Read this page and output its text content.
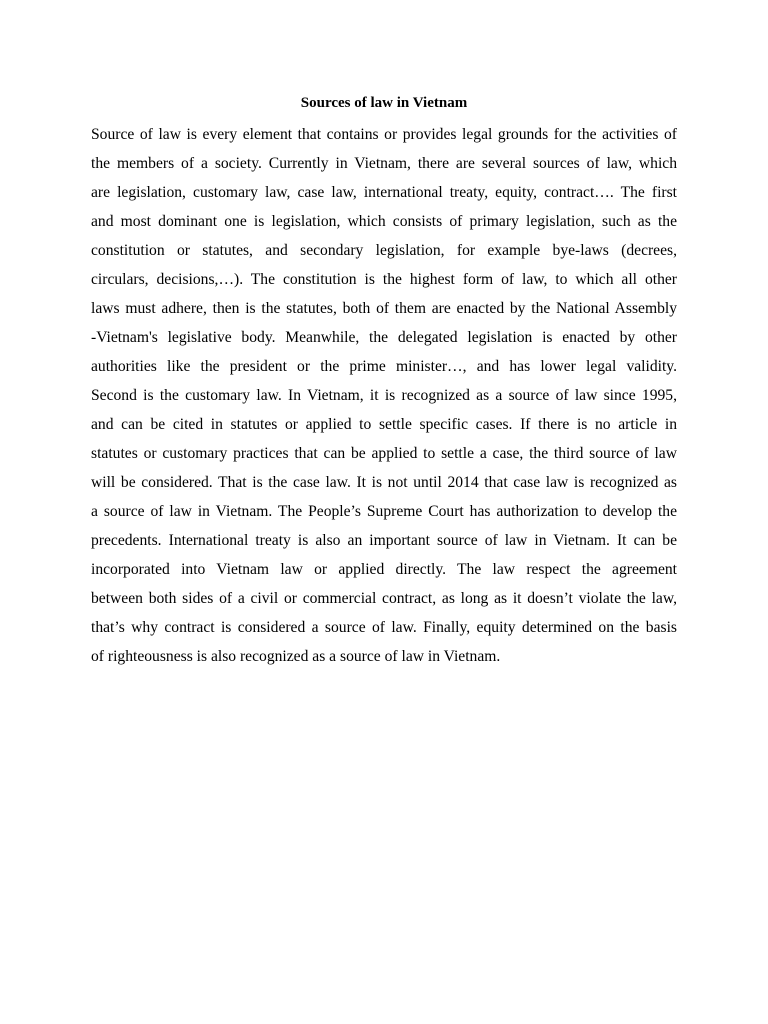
Sources of law in Vietnam
Source of law is every element that contains or provides legal grounds for the activities of
the members of a society. Currently in Vietnam, there are several sources of law, which
are legislation, customary law, case law, international treaty, equity, contract…. The first
and most dominant one is legislation, which consists of primary legislation, such as the
constitution or statutes, and secondary legislation, for example bye-laws (decrees,
circulars, decisions,…). The constitution is the highest form of law, to which all other
laws must adhere, then is the statutes, both of them are enacted by the National Assembly
-Vietnam's legislative body. Meanwhile, the delegated legislation is enacted by other
authorities like the president or the prime minister…, and has lower legal validity.
Second is the customary law. In Vietnam, it is recognized as a source of law since 1995,
and can be cited in statutes or applied to settle specific cases. If there is no article in
statutes or customary practices that can be applied to settle a case, the third source of law
will be considered. That is the case law. It is not until 2014 that case law is recognized as
a source of law in Vietnam. The People’s Supreme Court has authorization to develop the
precedents. International treaty is also an important source of law in Vietnam. It can be
incorporated into Vietnam law or applied directly. The law respect the agreement
between both sides of a civil or commercial contract, as long as it doesn’t violate the law,
that’s why contract is considered a source of law. Finally, equity determined on the basis
of righteousness is also recognized as a source of law in Vietnam.
